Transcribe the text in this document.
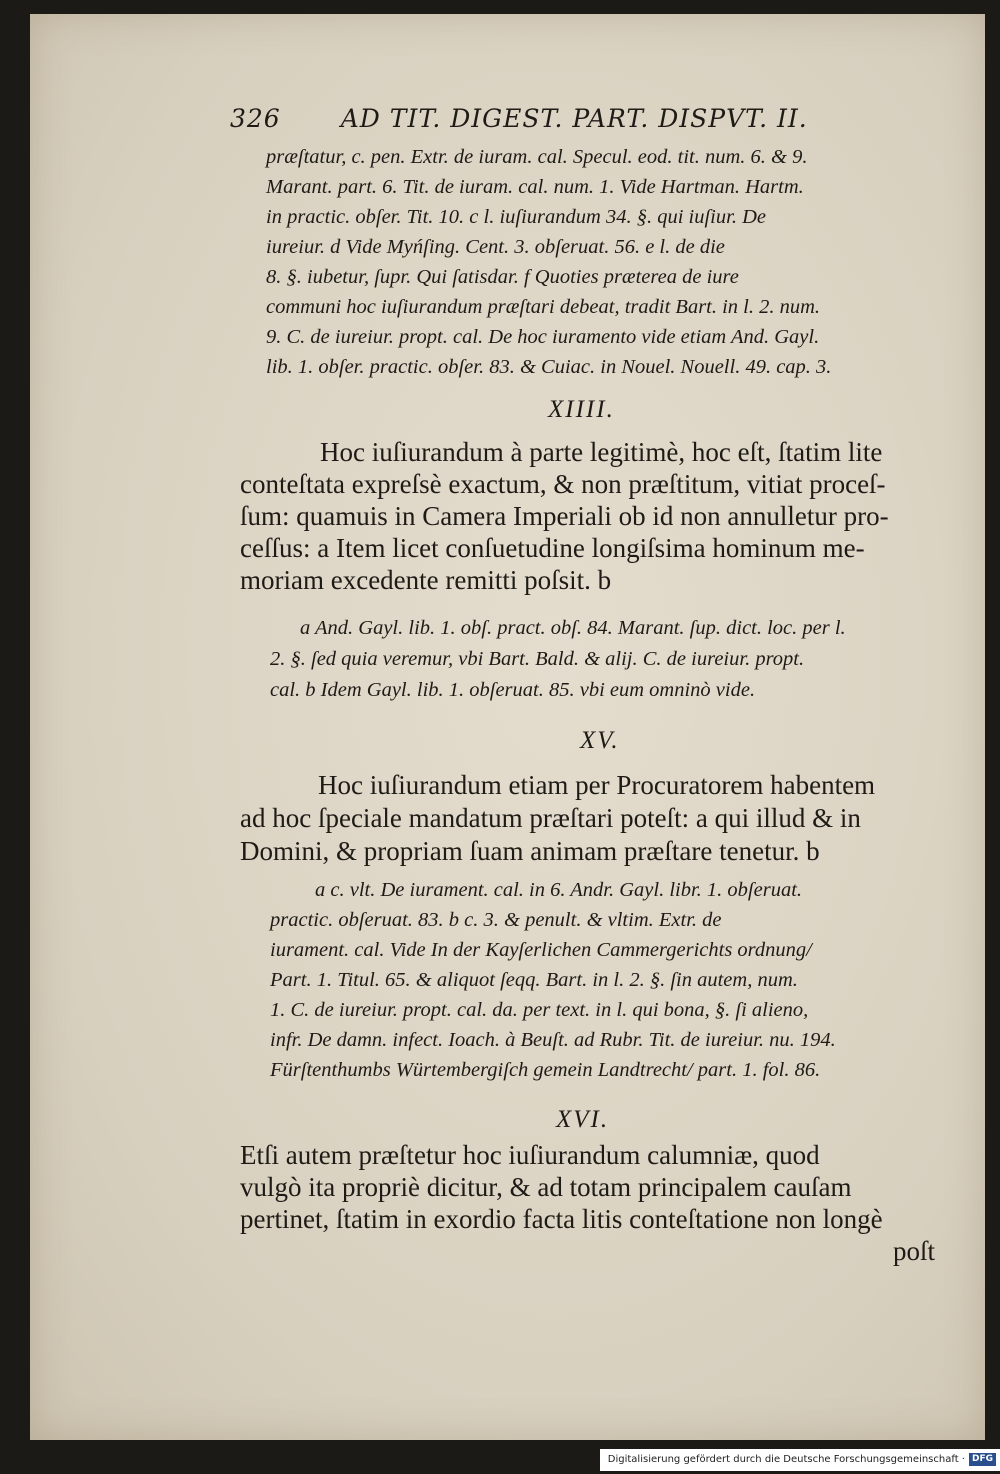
326 AD TIT. DIGEST. PART. DISPVT. II.
præſtatur, c. pen. Extr. de iuram. cal. Specul. eod. tit. num. 6. & 9.
Marant. part. 6. Tit. de iuram. cal. num. 1. Vide Hartman. Hartm.
in practic. obſer. Tit. 10. c l. iuſiurandum 34. §. qui iuſiur. De
iureiur. d Vide Myńſing. Cent. 3. obſeruat. 56. e l. de die
8. §. iubetur, ſupr. Qui ſatisdar. f Quoties præterea de iure
communi hoc iuſiurandum præſtari debeat, tradit Bart. in l. 2. num.
9. C. de iureiur. propt. cal. De hoc iuramento vide etiam And. Gayl.
lib. 1. obſer. practic. obſer. 83. & Cuiac. in Nouel. Nouell. 49. cap. 3.
XIIII.
Hoc iuſiurandum à parte legitimè, hoc eſt, ſtatim lite
conteſtata expreſsè exactum, & non præſtitum, vitiat proceſ-
ſum: quamuis in Camera Imperiali ob id non annulletur pro-
ceſſus: a Item licet conſuetudine longiſsima hominum me-
moriam excedente remitti poſsit. b
a And. Gayl. lib. 1. obſ. pract. obſ. 84. Marant. ſup. dict. loc. per l.
2. §. ſed quia veremur, vbi Bart. Bald. & alij. C. de iureiur. propt.
cal. b Idem Gayl. lib. 1. obſeruat. 85. vbi eum omninò vide.
XV.
Hoc iuſiurandum etiam per Procuratorem habentem
ad hoc ſpeciale mandatum præſtari poteſt: a qui illud & in
Domini, & propriam ſuam animam præſtare tenetur. b
a c. vlt. De iurament. cal. in 6. Andr. Gayl. libr. 1. obſeruat.
practic. obſeruat. 83. b c. 3. & penult. & vltim. Extr. de
iurament. cal. Vide In der Kayſerlichen Cammergerichts ordnung/
Part. 1. Titul. 65. & aliquot ſeqq. Bart. in l. 2. §. ſin autem, num.
1. C. de iureiur. propt. cal. da. per text. in l. qui bona, §. ſi alieno,
infr. De damn. infect. Ioach. à Beuſt. ad Rubr. Tit. de iureiur. nu. 194.
Fürſtenthumbs Würtembergiſch gemein Landtrecht/ part. 1. fol. 86.
XVI.
Etſi autem præſtetur hoc iuſiurandum calumniæ, quod
vulgò ita propriè dicitur, & ad totam principalem cauſam
pertinet, ſtatim in exordio facta litis conteſtatione non longè
poſt
Digitalisierung gefördert durch die Deutsche Forschungsgemeinschaft · DFG
